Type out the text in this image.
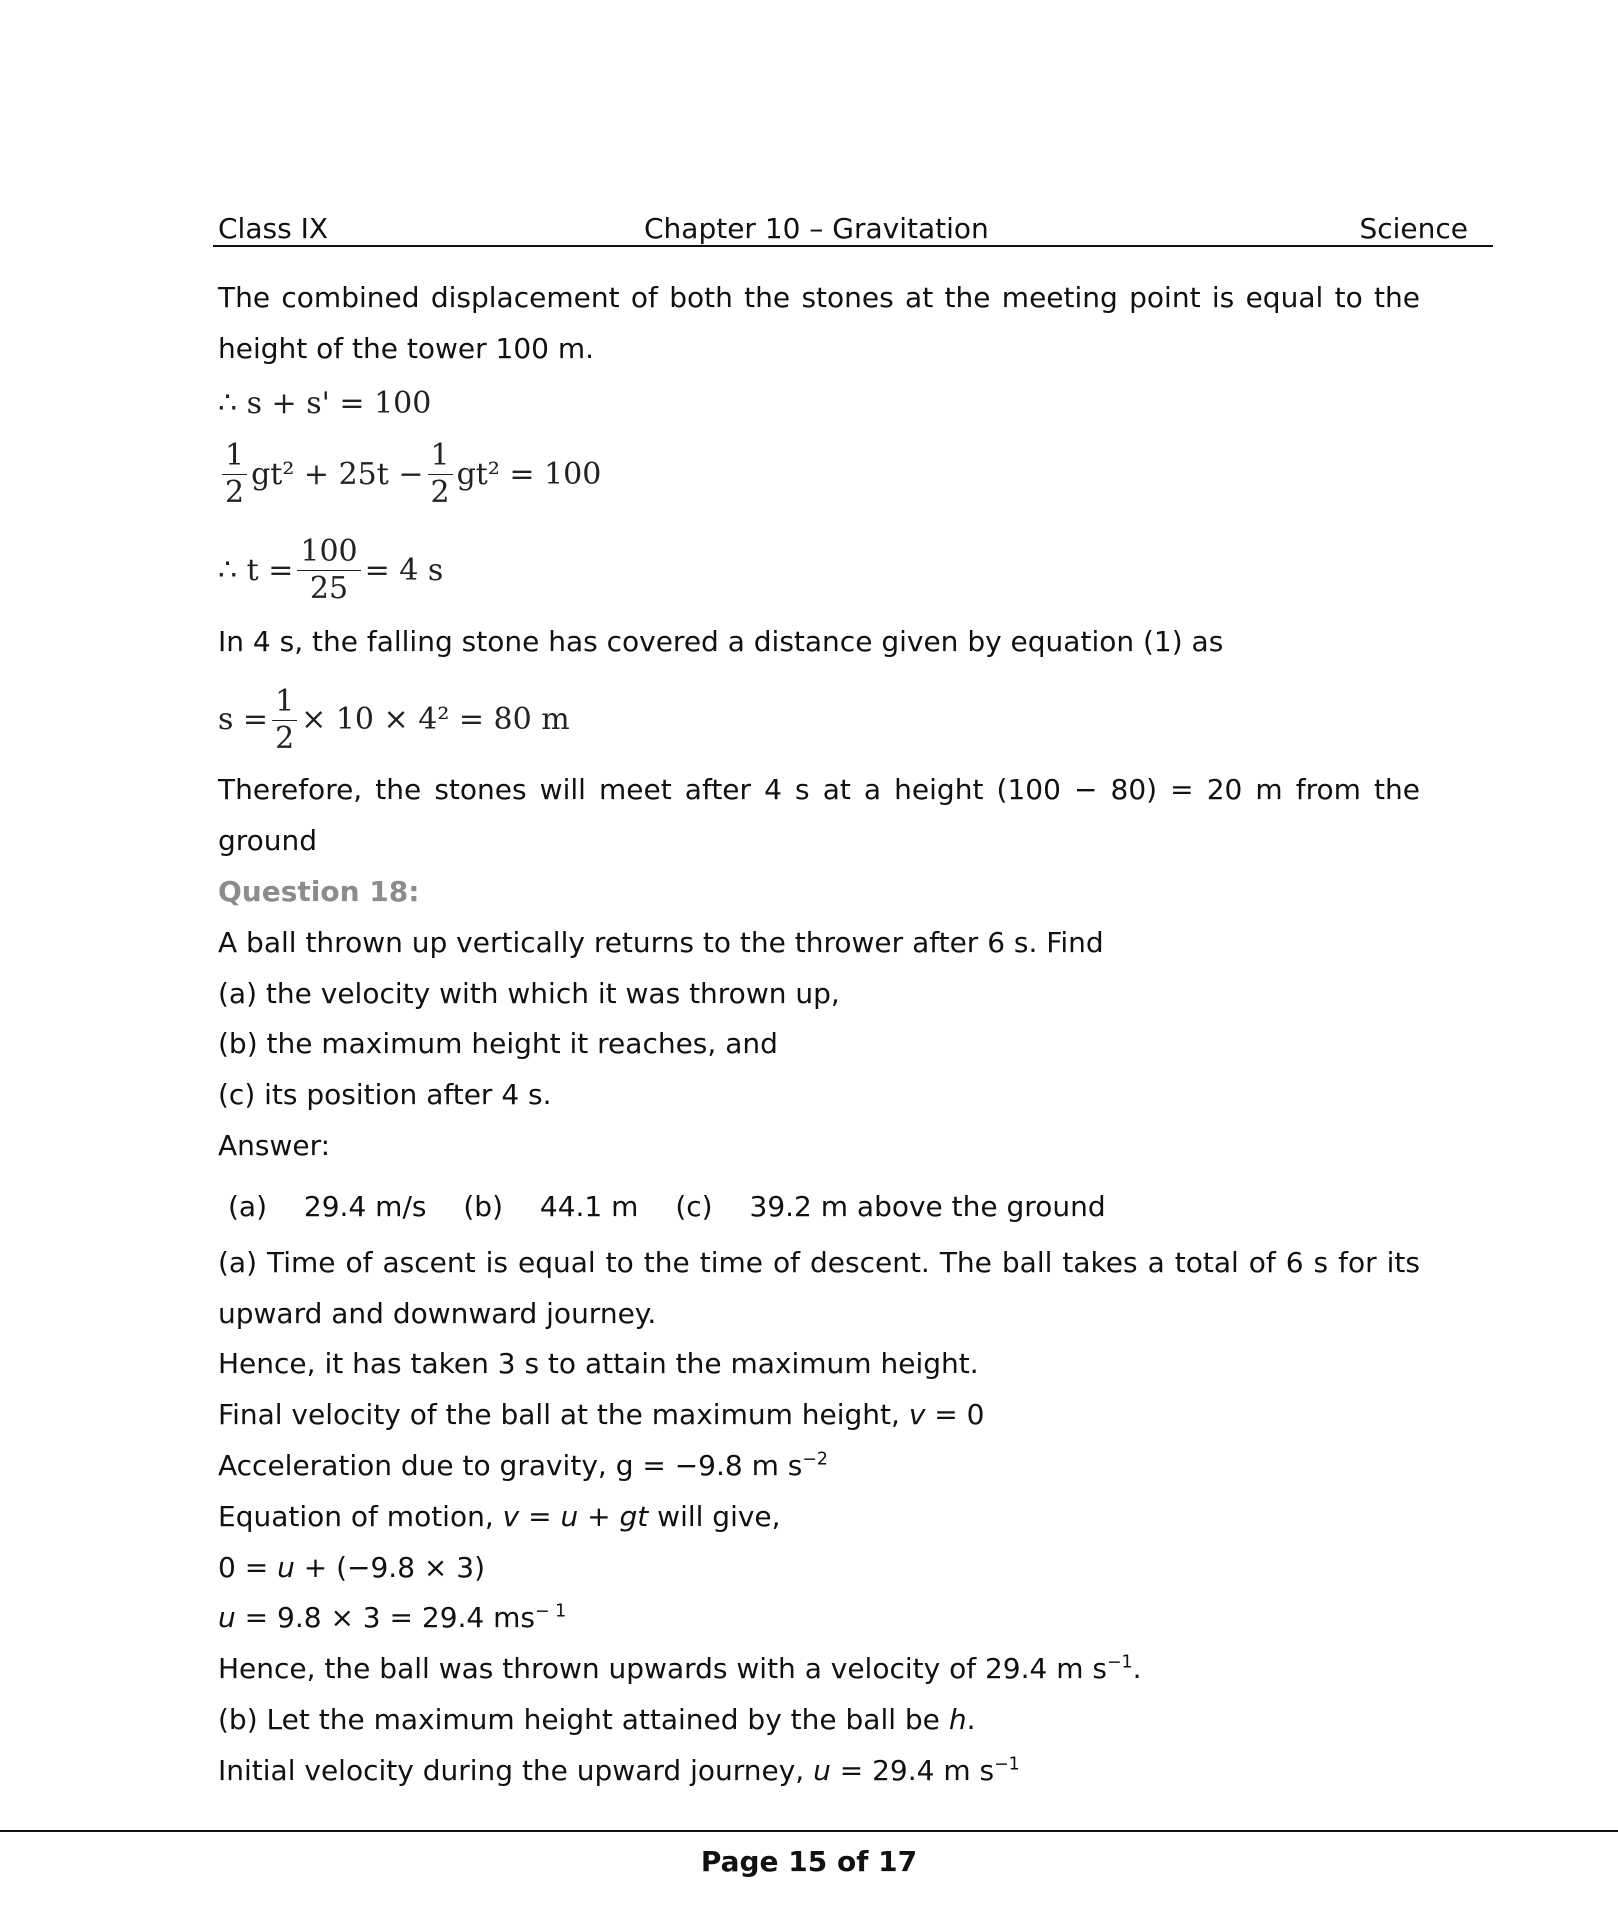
Class IX	Chapter 10 – Gravitation	Science
The combined displacement of both the stones at the meeting point is equal to the
height of the tower 100 m.
∴ s + s' = 100
$\frac{1}{2} gt^2 + 25t - \frac{1}{2} gt^2 = 100$
∴ $t = \frac{100}{25} = 4$ s
In 4 s, the falling stone has covered a distance given by equation (1) as
$s = \frac{1}{2} \times 10 \times 4^2 = 80$ m
Therefore, the stones will meet after 4 s at a height (100 − 80) = 20 m from the
ground
Question 18:
A ball thrown up vertically returns to the thrower after 6 s. Find
(a) the velocity with which it was thrown up,
(b) the maximum height it reaches, and
(c) its position after 4 s.
Answer:
(a) 29.4 m/s (b) 44.1 m (c) 39.2 m above the ground
(a) Time of ascent is equal to the time of descent. The ball takes a total of 6 s for its
upward and downward journey.
Hence, it has taken 3 s to attain the maximum height.
Final velocity of the ball at the maximum height, v = 0
Acceleration due to gravity, g = −9.8 m $s^{-2}$
Equation of motion, v = u + gt will give,
0 = u + (−9.8 × 3)
u = 9.8 × 3 = 29.4 $ms^{- 1}$
Hence, the ball was thrown upwards with a velocity of 29.4 m $s^{-1}$.
(b) Let the maximum height attained by the ball be h.
Initial velocity during the upward journey, u = 29.4 m $s^{-1}$
Page 15 of 17
